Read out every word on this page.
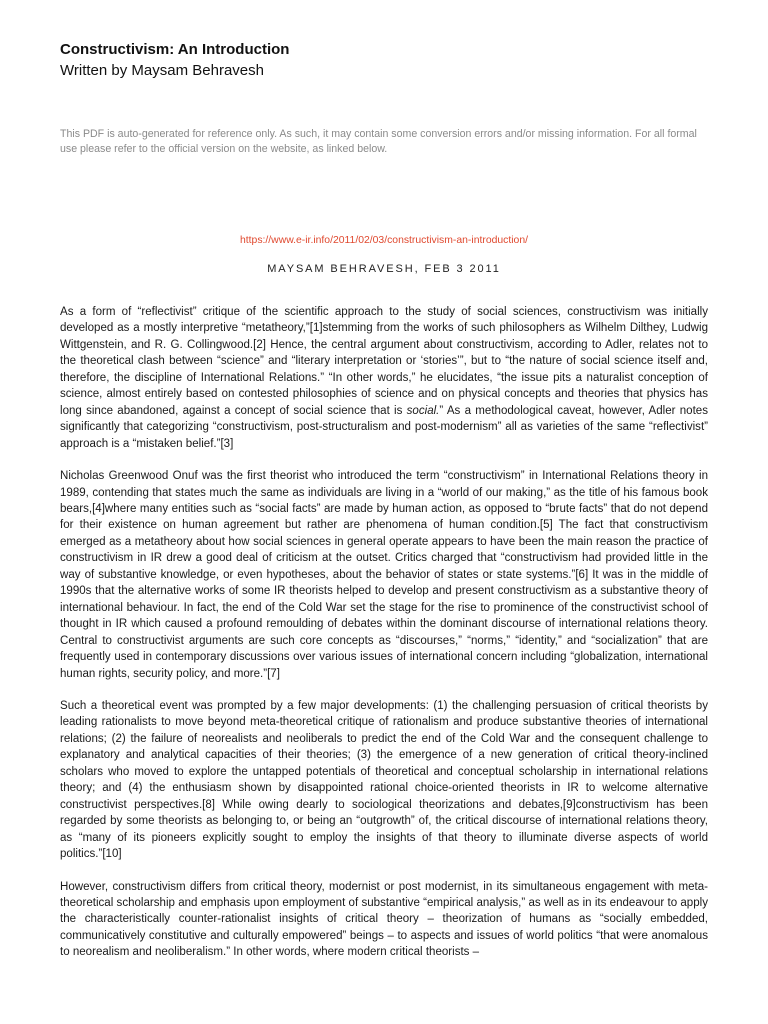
Constructivism: An Introduction
Written by Maysam Behravesh
This PDF is auto-generated for reference only. As such, it may contain some conversion errors and/or missing information. For all formal use please refer to the official version on the website, as linked below.
https://www.e-ir.info/2011/02/03/constructivism-an-introduction/
MAYSAM BEHRAVESH, FEB 3 2011

As a form of “reflectivist” critique of the scientific approach to the study of social sciences, constructivism was initially developed as a mostly interpretive “metatheory,”[1]stemming from the works of such philosophers as Wilhelm Dilthey, Ludwig Wittgenstein, and R. G. Collingwood.[2] Hence, the central argument about constructivism, according to Adler, relates not to the theoretical clash between “science” and “literary interpretation or ‘stories’”, but to “the nature of social science itself and, therefore, the discipline of International Relations.” “In other words,” he elucidates, “the issue pits a naturalist conception of science, almost entirely based on contested philosophies of science and on physical concepts and theories that physics has long since abandoned, against a concept of social science that is social.” As a methodological caveat, however, Adler notes significantly that categorizing “constructivism, post-structuralism and post-modernism” all as varieties of the same “reflectivist” approach is a “mistaken belief.”[3]

Nicholas Greenwood Onuf was the first theorist who introduced the term “constructivism” in International Relations theory in 1989, contending that states much the same as individuals are living in a “world of our making,” as the title of his famous book bears,[4]where many entities such as “social facts” are made by human action, as opposed to “brute facts” that do not depend for their existence on human agreement but rather are phenomena of human condition.[5] The fact that constructivism emerged as a metatheory about how social sciences in general operate appears to have been the main reason the practice of constructivism in IR drew a good deal of criticism at the outset. Critics charged that “constructivism had provided little in the way of substantive knowledge, or even hypotheses, about the behavior of states or state systems.”[6] It was in the middle of 1990s that the alternative works of some IR theorists helped to develop and present constructivism as a substantive theory of international behaviour. In fact, the end of the Cold War set the stage for the rise to prominence of the constructivist school of thought in IR which caused a profound remoulding of debates within the dominant discourse of international relations theory. Central to constructivist arguments are such core concepts as “discourses,” “norms,” “identity,” and “socialization” that are frequently used in contemporary discussions over various issues of international concern including “globalization, international human rights, security policy, and more.”[7]

Such a theoretical event was prompted by a few major developments: (1) the challenging persuasion of critical theorists by leading rationalists to move beyond meta-theoretical critique of rationalism and produce substantive theories of international relations; (2) the failure of neorealists and neoliberals to predict the end of the Cold War and the consequent challenge to explanatory and analytical capacities of their theories; (3) the emergence of a new generation of critical theory-inclined scholars who moved to explore the untapped potentials of theoretical and conceptual scholarship in international relations theory; and (4) the enthusiasm shown by disappointed rational choice-oriented theorists in IR to welcome alternative constructivist perspectives.[8] While owing dearly to sociological theorizations and debates,[9]constructivism has been regarded by some theorists as belonging to, or being an “outgrowth” of, the critical discourse of international relations theory, as “many of its pioneers explicitly sought to employ the insights of that theory to illuminate diverse aspects of world politics.”[10]

However, constructivism differs from critical theory, modernist or post modernist, in its simultaneous engagement with meta-theoretical scholarship and emphasis upon employment of substantive “empirical analysis,” as well as in its endeavour to apply the characteristically counter-rationalist insights of critical theory – theorization of humans as “socially embedded, communicatively constitutive and culturally empowered” beings – to aspects and issues of world politics “that were anomalous to neorealism and neoliberalism.” In other words, where modern critical theorists –
